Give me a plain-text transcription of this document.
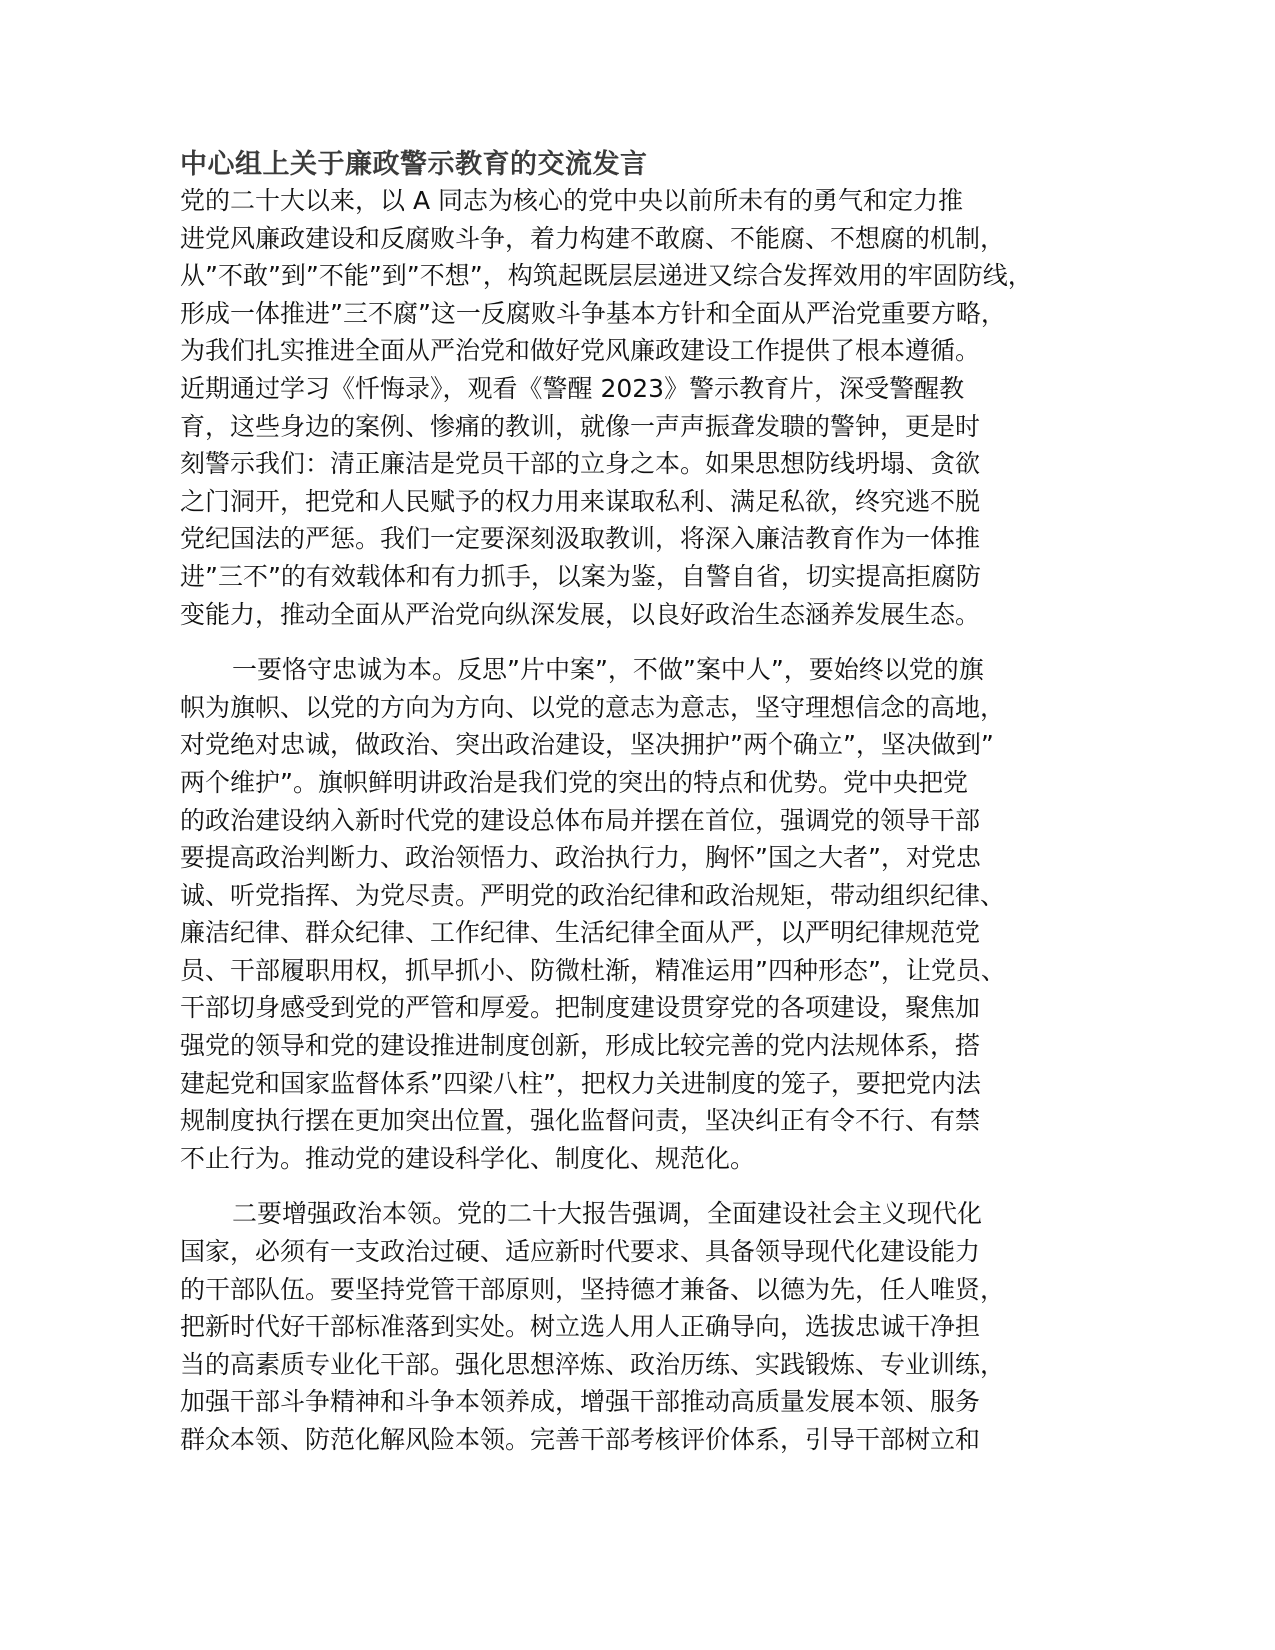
中心组上关于廉政警示教育的交流发言

党的二十大以来，以 A 同志为核心的党中央以前所未有的勇气和定力推
进党风廉政建设和反腐败斗争，着力构建不敢腐、不能腐、不想腐的机制，
从”不敢”到”不能”到”不想”，构筑起既层层递进又综合发挥效用的牢固防线，
形成一体推进”三不腐”这一反腐败斗争基本方针和全面从严治党重要方略，
为我们扎实推进全面从严治党和做好党风廉政建设工作提供了根本遵循。
近期通过学习《忏悔录》，观看《警醒 2023》警示教育片，深受警醒教
育，这些身边的案例、惨痛的教训，就像一声声振聋发聩的警钟，更是时
刻警示我们：清正廉洁是党员干部的立身之本。如果思想防线坍塌、贪欲
之门洞开，把党和人民赋予的权力用来谋取私利、满足私欲，终究逃不脱
党纪国法的严惩。我们一定要深刻汲取教训，将深入廉洁教育作为一体推
进”三不”的有效载体和有力抓手，以案为鉴，自警自省，切实提高拒腐防
变能力，推动全面从严治党向纵深发展，以良好政治生态涵养发展生态。

一要恪守忠诚为本。反思”片中案”，不做”案中人”，要始终以党的旗
帜为旗帜、以党的方向为方向、以党的意志为意志，坚守理想信念的高地，
对党绝对忠诚，做政治、突出政治建设，坚决拥护”两个确立”，坚决做到”
两个维护”。旗帜鲜明讲政治是我们党的突出的特点和优势。党中央把党
的政治建设纳入新时代党的建设总体布局并摆在首位，强调党的领导干部
要提高政治判断力、政治领悟力、政治执行力，胸怀”国之大者”，对党忠
诚、听党指挥、为党尽责。严明党的政治纪律和政治规矩，带动组织纪律、
廉洁纪律、群众纪律、工作纪律、生活纪律全面从严，以严明纪律规范党
员、干部履职用权，抓早抓小、防微杜渐，精准运用”四种形态”，让党员、
干部切身感受到党的严管和厚爱。把制度建设贯穿党的各项建设，聚焦加
强党的领导和党的建设推进制度创新，形成比较完善的党内法规体系，搭
建起党和国家监督体系”四梁八柱”，把权力关进制度的笼子，要把党内法
规制度执行摆在更加突出位置，强化监督问责，坚决纠正有令不行、有禁
不止行为。推动党的建设科学化、制度化、规范化。

二要增强政治本领。党的二十大报告强调，全面建设社会主义现代化
国家，必须有一支政治过硬、适应新时代要求、具备领导现代化建设能力
的干部队伍。要坚持党管干部原则，坚持德才兼备、以德为先，任人唯贤，
把新时代好干部标准落到实处。树立选人用人正确导向，选拔忠诚干净担
当的高素质专业化干部。强化思想淬炼、政治历练、实践锻炼、专业训练，
加强干部斗争精神和斗争本领养成，增强干部推动高质量发展本领、服务
群众本领、防范化解风险本领。完善干部考核评价体系，引导干部树立和
